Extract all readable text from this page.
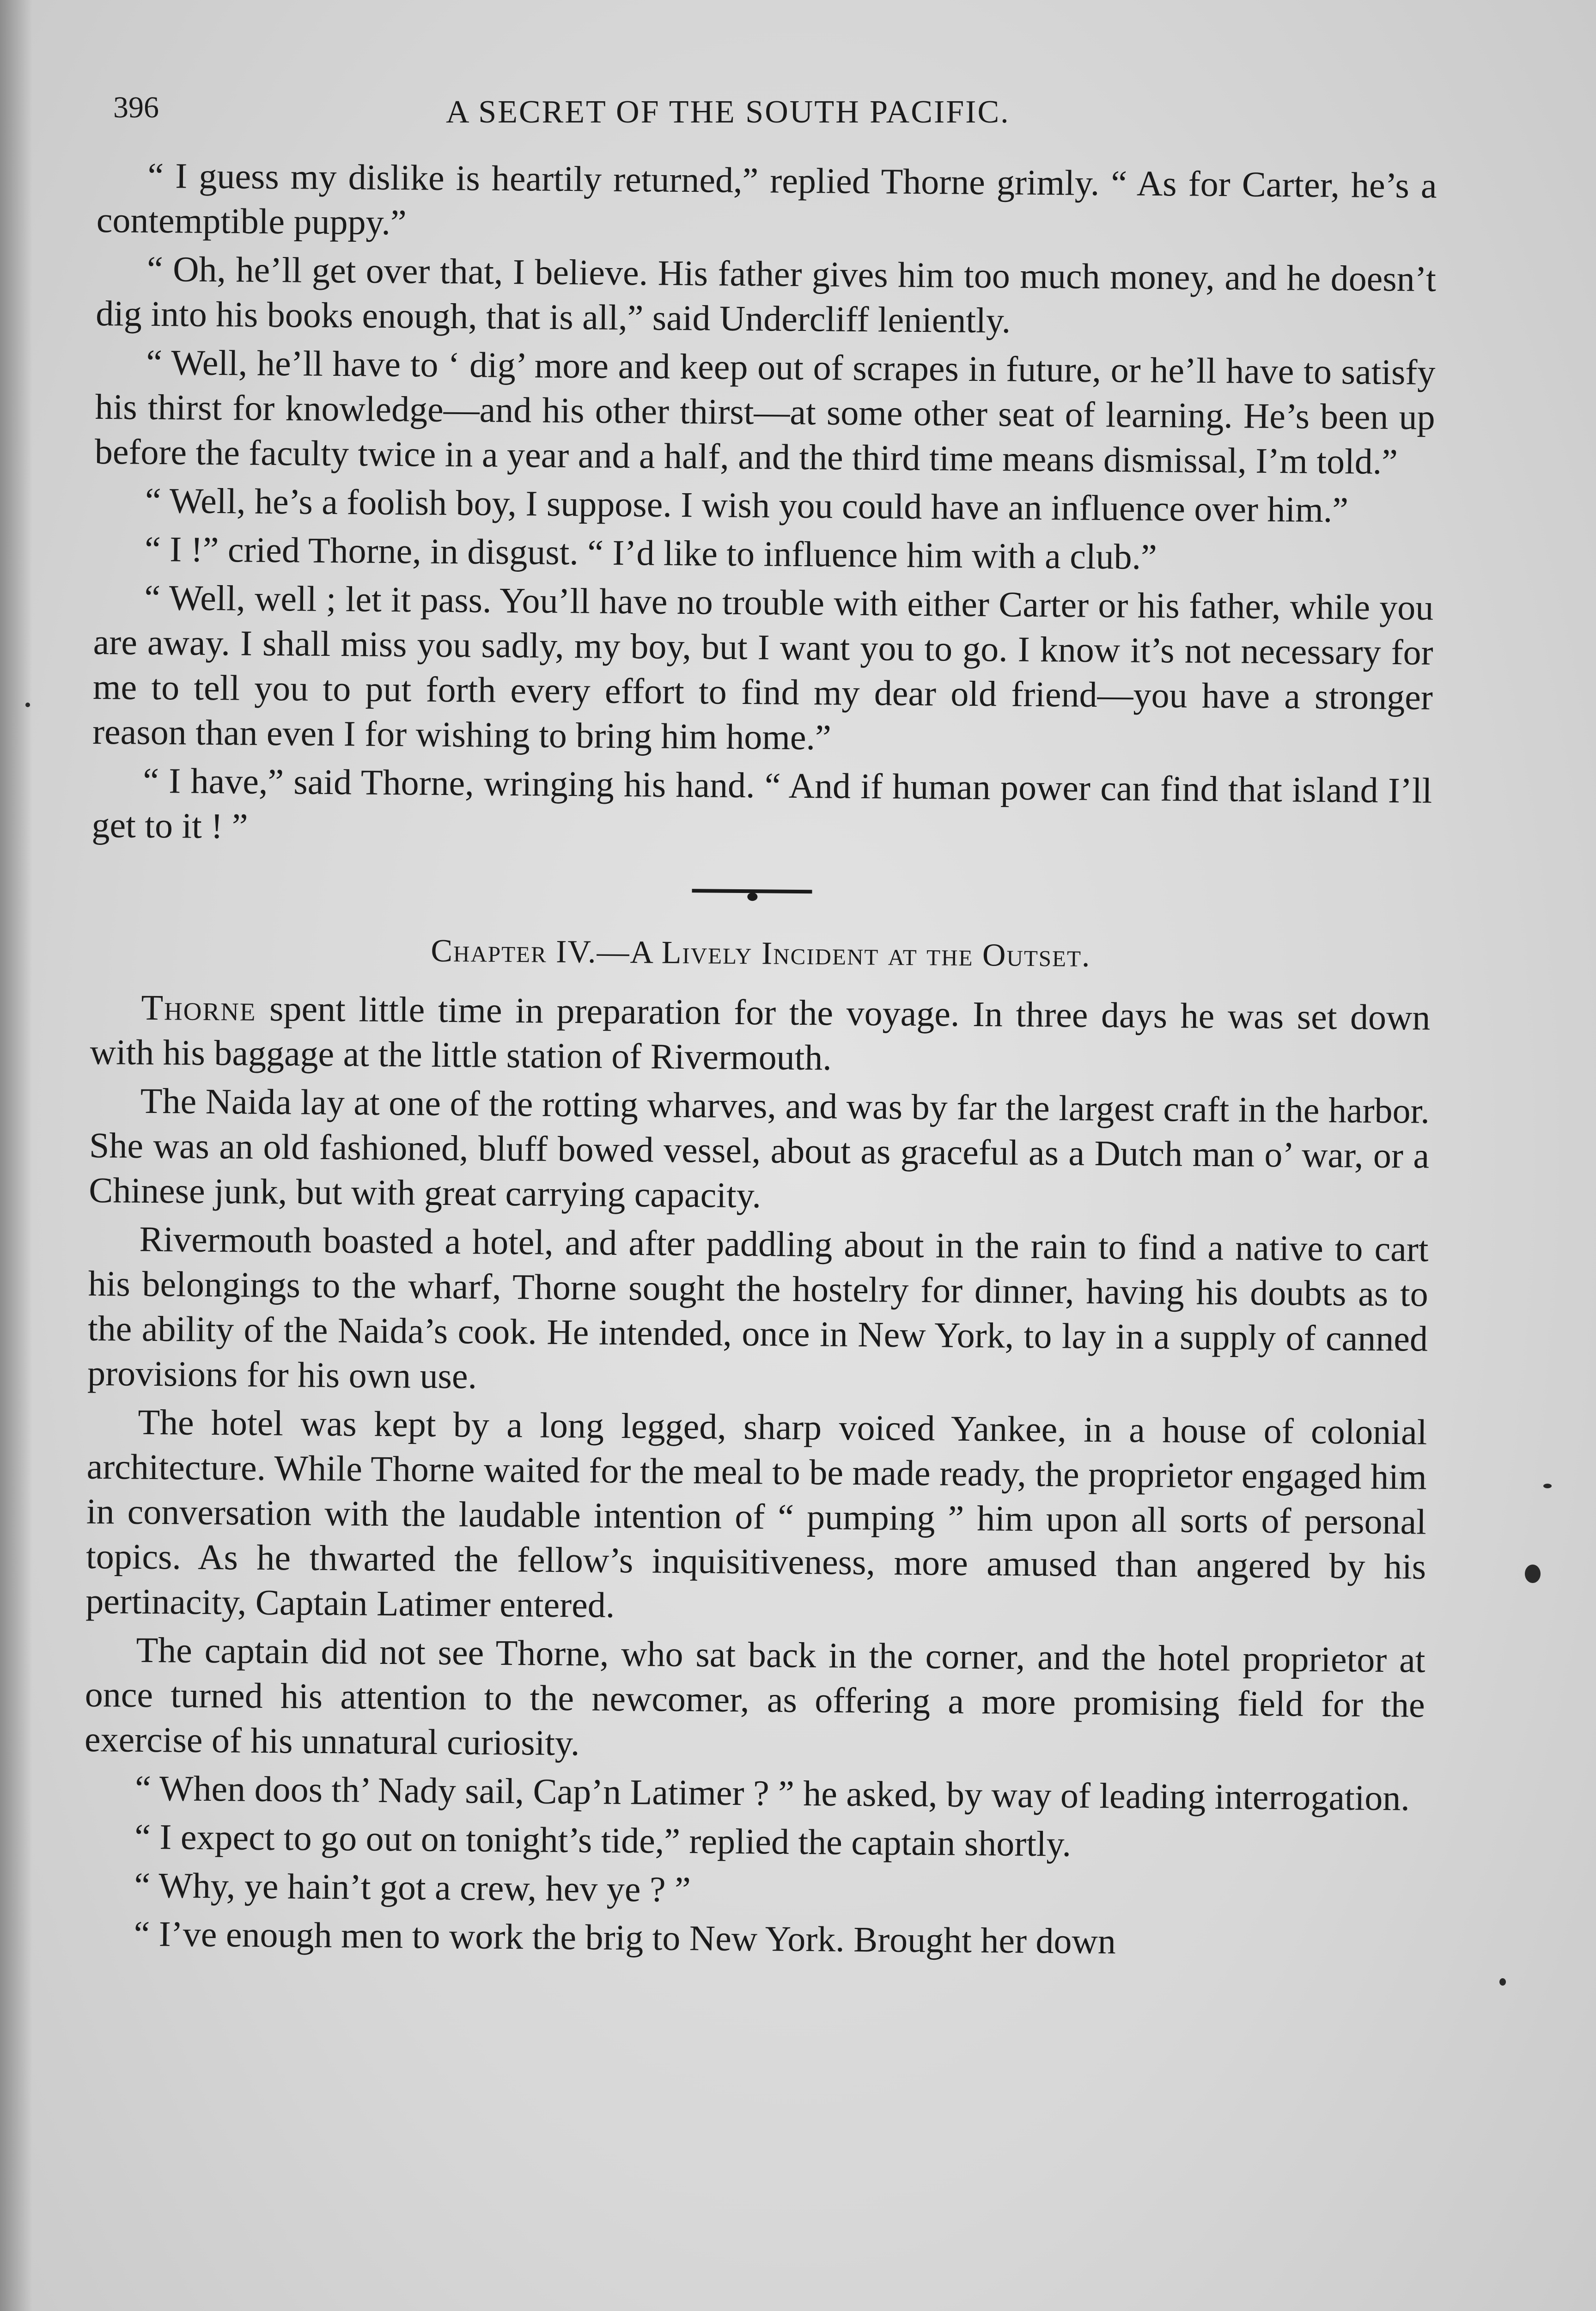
396	A SECRET OF THE SOUTH PACIFIC.

“ I guess my dislike is heartily returned,” replied Thorne grimly. “ As for Carter, he’s a contemptible puppy.”

“ Oh, he’ll get over that, I believe. His father gives him too much money, and he doesn’t dig into his books enough, that is all,” said Undercliff leniently.

“ Well, he’ll have to ‘ dig’ more and keep out of scrapes in future, or he’ll have to satisfy his thirst for knowledge—and his other thirst—at some other seat of learning. He’s been up before the faculty twice in a year and a half, and the third time means dismissal, I’m told.”

“ Well, he’s a foolish boy, I suppose. I wish you could have an influence over him.”

“ I !” cried Thorne, in disgust. “ I’d like to influence him with a club.”

“ Well, well ; let it pass. You’ll have no trouble with either Carter or his father, while you are away. I shall miss you sadly, my boy, but I want you to go. I know it’s not necessary for me to tell you to put forth every effort to find my dear old friend—you have a stronger reason than even I for wishing to bring him home.”

“ I have,” said Thorne, wringing his hand. “ And if human power can find that island I’ll get to it ! ”

Chapter IV.—A Lively Incident at the Outset.

Thorne spent little time in preparation for the voyage. In three days he was set down with his baggage at the little station of Rivermouth.

The Naida lay at one of the rotting wharves, and was by far the largest craft in the harbor. She was an old fashioned, bluff bowed vessel, about as graceful as a Dutch man o’ war, or a Chinese junk, but with great carrying capacity.

Rivermouth boasted a hotel, and after paddling about in the rain to find a native to cart his belongings to the wharf, Thorne sought the hostelry for dinner, having his doubts as to the ability of the Naida’s cook. He intended, once in New York, to lay in a supply of canned provisions for his own use.

The hotel was kept by a long legged, sharp voiced Yankee, in a house of colonial architecture. While Thorne waited for the meal to be made ready, the proprietor engaged him in conversation with the laudable intention of “ pumping ” him upon all sorts of personal topics. As he thwarted the fellow’s inquisitiveness, more amused than angered by his pertinacity, Captain Latimer entered.

The captain did not see Thorne, who sat back in the corner, and the hotel proprietor at once turned his attention to the newcomer, as offering a more promising field for the exercise of his unnatural curiosity.

“ When doos th’ Nady sail, Cap’n Latimer ? ” he asked, by way of leading interrogation.

“ I expect to go out on tonight’s tide,” replied the captain shortly.

“ Why, ye hain’t got a crew, hev ye ? ”

“ I’ve enough men to work the brig to New York. Brought her down
